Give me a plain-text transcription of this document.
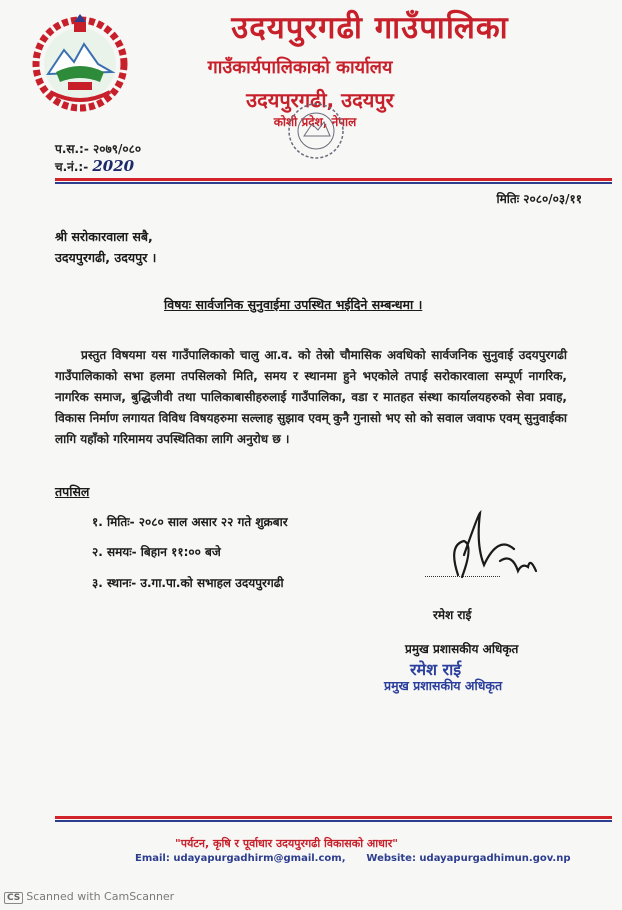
उदयपुरगढी गाउँपालिका
गाउँकार्यपालिकाको कार्यालय
उदयपुरगढी, उदयपुर
कोशी प्रदेश, नेपाल
प.स.:- २०७९/०८०
च.नं.:- 2020
मितिः २०८०/०३/११
श्री सरोकारवाला सबै,
उदयपुरगढी, उदयपुर ।
विषयः सार्वजनिक सुनुवाईमा उपस्थित भईदिने सम्बन्धमा ।
प्रस्तुत विषयमा यस गाउँपालिकाको चालु आ.व. को तेस्रो चौमासिक अवधिको सार्वजनिक सुनुवाई उदयपुरगढी गाउँपालिकाको सभा हलमा तपसिलको मिति, समय र स्थानमा हुने भएकोले तपाई सरोकारवाला सम्पूर्ण नागरिक, नागरिक समाज, बुद्धिजीवी तथा पालिकाबासीहरुलाई गाउँपालिका, वडा र मातहत संस्था कार्यालयहरुको सेवा प्रवाह, विकास निर्माण लगायत विविध विषयहरुमा सल्लाह सुझाव एवम् कुनै गुनासो भए सो को सवाल जवाफ एवम् सुनुवाईका लागि यहाँको गरिमामय उपस्थितिका लागि अनुरोध छ ।
तपसिल
१. मितिः- २०८० साल असार २२ गते शुक्रबार
२. समयः- बिहान ११:०० बजे
३. स्थानः- उ.गा.पा.को सभाहल उदयपुरगढी
रमेश राई
प्रमुख प्रशासकीय अधिकृत
रमेश राई
प्रमुख प्रशासकीय अधिकृत
"पर्यटन, कृषि र पूर्वाधार उदयपुरगढी विकासको आधार"
Email: udayapurgadhirm@gmail.com, Website: udayapurgadhimun.gov.np
CS Scanned with CamScanner
